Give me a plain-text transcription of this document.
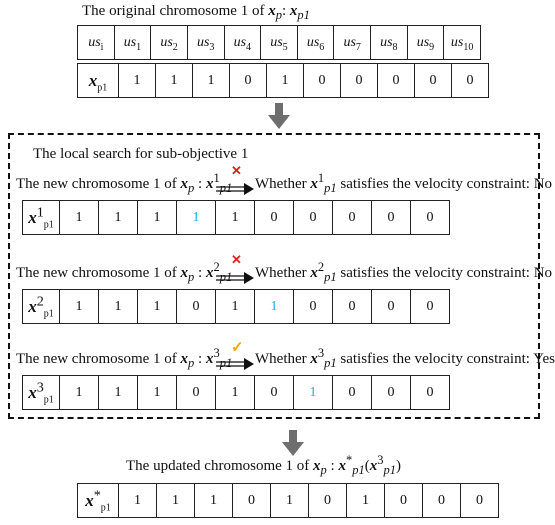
The original chromosome 1 of $x_p$: $x_{p1}$
$us_i$	$us_1$	$us_2$	$us_3$	$us_4$	$us_5$	$us_6$	$us_7$	$us_8$	$us_9$	$us_{10}$
$x_{p1}$	1	1	1	0	1	0	0	0	0	0
The local search for sub-objective 1
The new chromosome 1 of $x_p$ : $x^1_{p1}$
✕
Whether $x^1_{p1}$ satisfies the velocity constraint: No
$x^1_{p1}$	1	1	1	1	1	0	0	0	0	0
The new chromosome 1 of $x_p$ : $x^2_{p1}$
✕
Whether $x^2_{p1}$ satisfies the velocity constraint: No
$x^2_{p1}$	1	1	1	0	1	1	0	0	0	0
The new chromosome 1 of $x_p$ : $x^3_{p1}$
✓
Whether $x^3_{p1}$ satisfies the velocity constraint: Yes
$x^3_{p1}$	1	1	1	0	1	0	1	0	0	0
The updated chromosome 1 of $x_p$ : $x^*_{p1}(x^3_{p1})$
$x^*_{p1}$	1	1	1	0	1	0	1	0	0	0
